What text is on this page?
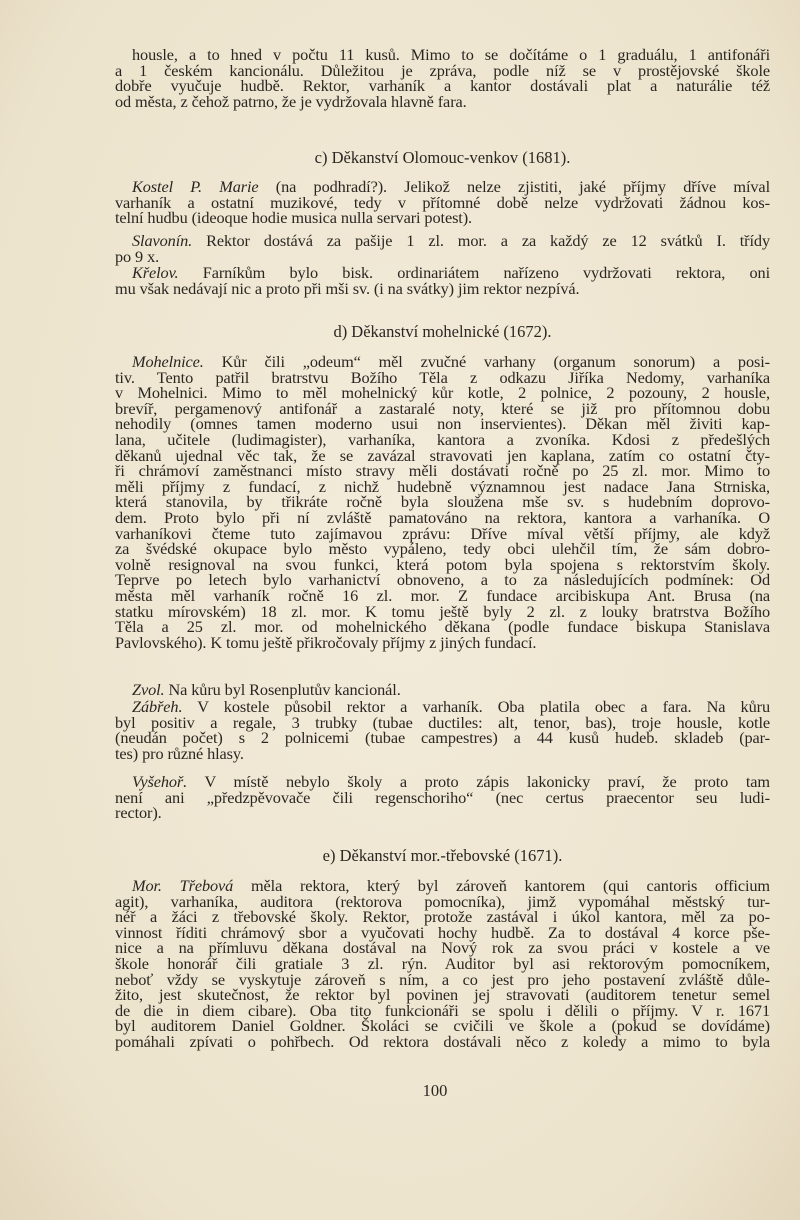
housle, a to hned v počtu 11 kusů. Mimo to se dočítáme o 1 graduálu, 1 antifonáři
a 1 českém kancionálu. Důležitou je zpráva, podle níž se v prostějovské škole
dobře vyučuje hudbě. Rektor, varhaník a kantor dostávali plat a naturálie též
od města, z čehož patrno, že je vydržovala hlavně fara.
c) Děkanství Olomouc-venkov (1681).
Kostel P. Marie (na podhradí?). Jelikož nelze zjistiti, jaké příjmy dříve míval
varhaník a ostatní muzikové, tedy v přítomné době nelze vydržovati žádnou kos-
telní hudbu (ideoque hodie musica nulla servari potest).
Slavonín. Rektor dostává za pašije 1 zl. mor. a za každý ze 12 svátků I. třídy
po 9 x.
Křelov. Farníkům bylo bisk. ordinariátem nařízeno vydržovati rektora, oni
mu však nedávají nic a proto při mši sv. (i na svátky) jim rektor nezpívá.
d) Děkanství mohelnické (1672).
Mohelnice. Kůr čili „odeum“ měl zvučné varhany (organum sonorum) a posi-
tiv. Tento patřil bratrstvu Božího Těla z odkazu Jiříka Nedomy, varhaníka
v Mohelnici. Mimo to měl mohelnický kůr kotle, 2 polnice, 2 pozouny, 2 housle,
brevíř, pergamenový antifonář a zastaralé noty, které se již pro přítomnou dobu
nehodily (omnes tamen moderno usui non inservientes). Děkan měl živiti kap-
lana, učitele (ludimagister), varhaníka, kantora a zvoníka. Kdosi z předešlých
děkanů ujednal věc tak, že se zavázal stravovati jen kaplana, zatím co ostatní čty-
ři chrámoví zaměstnanci místo stravy měli dostávati ročně po 25 zl. mor. Mimo to
měli příjmy z fundací, z nichž hudebně významnou jest nadace Jana Strniska,
která stanovila, by třikráte ročně byla sloužena mše sv. s hudebním doprovo-
dem. Proto bylo při ní zvláště pamatováno na rektora, kantora a varhaníka. O
varhaníkovi čteme tuto zajímavou zprávu: Dříve míval větší příjmy, ale když
za švédské okupace bylo město vypáleno, tedy obci ulehčil tím, že sám dobro-
volně resignoval na svou funkci, která potom byla spojena s rektorstvím školy.
Teprve po letech bylo varhanictví obnoveno, a to za následujících podmínek: Od
města měl varhaník ročně 16 zl. mor. Z fundace arcibiskupa Ant. Brusa (na
statku mírovském) 18 zl. mor. K tomu ještě byly 2 zl. z louky bratrstva Božího
Těla a 25 zl. mor. od mohelnického děkana (podle fundace biskupa Stanislava
Pavlovského). K tomu ještě přikročovaly příjmy z jiných fundací.
Zvol. Na kůru byl Rosenplutův kancionál.
Zábřeh. V kostele působil rektor a varhaník. Oba platila obec a fara. Na kůru
byl positiv a regale, 3 trubky (tubae ductiles: alt, tenor, bas), troje housle, kotle
(neudán počet) s 2 polnicemi (tubae campestres) a 44 kusů hudeb. skladeb (par-
tes) pro různé hlasy.
Vyšehoř. V místě nebylo školy a proto zápis lakonicky praví, že proto tam
není ani „předzpěvovače čili regenschoriho“ (nec certus praecentor seu ludi-
rector).
e) Děkanství mor.-třebovské (1671).
Mor. Třebová měla rektora, který byl zároveň kantorem (qui cantoris officium
agit), varhaníka, auditora (rektorova pomocníka), jimž vypomáhal městský tur-
néř a žáci z třebovské školy. Rektor, protože zastával i úkol kantora, měl za po-
vinnost říditi chrámový sbor a vyučovati hochy hudbě. Za to dostával 4 korce pše-
nice a na přímluvu děkana dostával na Nový rok za svou práci v kostele a ve
škole honorář čili gratiale 3 zl. rýn. Auditor byl asi rektorovým pomocníkem,
neboť vždy se vyskytuje zároveň s ním, a co jest pro jeho postavení zvláště důle-
žito, jest skutečnost, že rektor byl povinen jej stravovati (auditorem tenetur semel
de die in diem cibare). Oba tito funkcionáři se spolu i dělili o příjmy. V r. 1671
byl auditorem Daniel Goldner. Školáci se cvičili ve škole a (pokud se dovídáme)
pomáhali zpívati o pohřbech. Od rektora dostávali něco z koledy a mimo to byla
100
